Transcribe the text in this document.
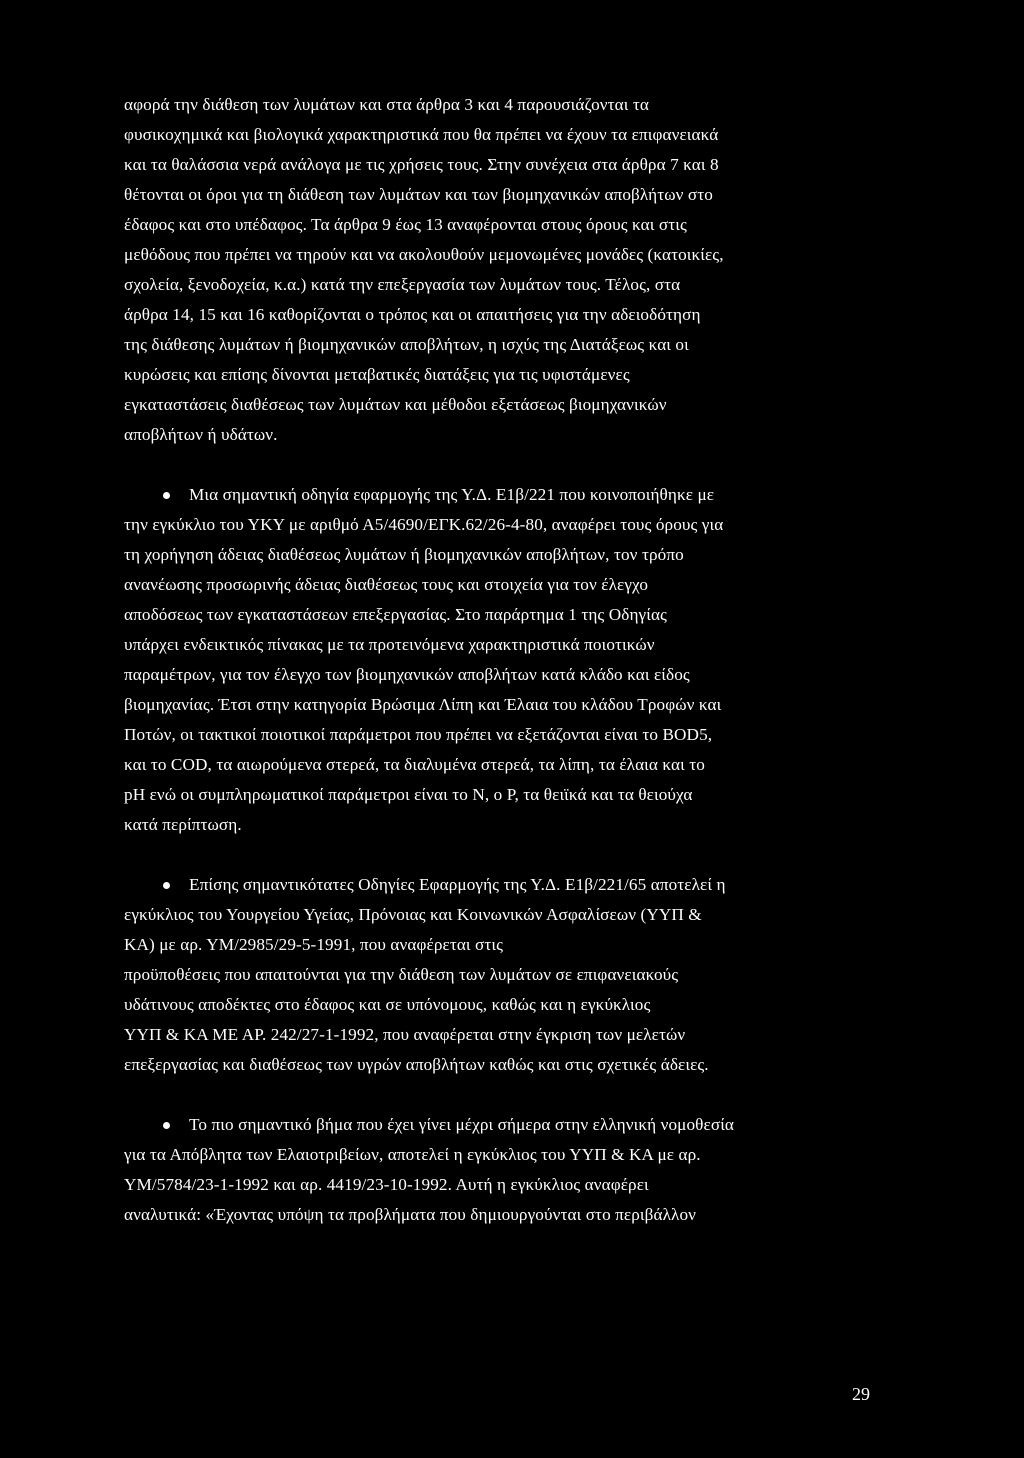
αφορά την διάθεση των λυμάτων και στα άρθρα 3 και 4 παρουσιάζονται τα
φυσικοχημικά και βιολογικά χαρακτηριστικά που θα πρέπει να έχουν τα επιφανειακά
και τα θαλάσσια νερά ανάλογα με τις χρήσεις τους. Στην συνέχεια στα άρθρα 7 και 8
θέτονται οι όροι για τη διάθεση των λυμάτων και των βιομηχανικών αποβλήτων στο
έδαφος και στο υπέδαφος. Τα άρθρα 9 έως 13 αναφέρονται στους όρους και στις
μεθόδους που πρέπει να τηρούν και να ακολουθούν μεμονωμένες μονάδες (κατοικίες,
σχολεία, ξενοδοχεία, κ.α.) κατά την επεξεργασία των λυμάτων τους. Τέλος, στα
άρθρα 14, 15 και 16 καθορίζονται ο τρόπος και οι απαιτήσεις για την αδειοδότηση
της διάθεσης λυμάτων ή βιομηχανικών αποβλήτων, η ισχύς της Διατάξεως και οι
κυρώσεις και επίσης δίνονται μεταβατικές διατάξεις για τις υφιστάμενες
εγκαταστάσεις διαθέσεως των λυμάτων και μέθοδοι εξετάσεως βιομηχανικών
αποβλήτων ή υδάτων.
Μια σημαντική οδηγία εφαρμογής της Υ.Δ. Ε1β/221 που κοινοποιήθηκε με
την εγκύκλιο του ΥΚΥ με αριθμό Α5/4690/ΕΓΚ.62/26-4-80, αναφέρει τους όρους για
τη χορήγηση άδειας διαθέσεως λυμάτων ή βιομηχανικών αποβλήτων, τον τρόπο
ανανέωσης προσωρινής άδειας διαθέσεως τους και στοιχεία για τον έλεγχο
αποδόσεως των εγκαταστάσεων επεξεργασίας. Στο παράρτημα 1 της Οδηγίας
υπάρχει ενδεικτικός πίνακας με τα προτεινόμενα χαρακτηριστικά ποιοτικών
παραμέτρων, για τον έλεγχο των βιομηχανικών αποβλήτων κατά κλάδο και είδος
βιομηχανίας. Έτσι στην κατηγορία Βρώσιμα Λίπη και Έλαια του κλάδου Τροφών και
Ποτών, οι τακτικοί ποιοτικοί παράμετροι που πρέπει να εξετάζονται είναι το BOD5,
και το COD, τα αιωρούμενα στερεά, τα διαλυμένα στερεά, τα λίπη, τα έλαια και το
pH ενώ οι συμπληρωματικοί παράμετροι είναι το Ν, ο Ρ, τα θειϊκά και τα θειούχα
κατά περίπτωση.
Επίσης σημαντικότατες Οδηγίες Εφαρμογής της Υ.Δ. Ε1β/221/65 αποτελεί η
εγκύκλιος του Υουργείου Υγείας, Πρόνοιας και Κοινωνικών Ασφαλίσεων (ΥΥΠ &
ΚΑ) με αρ. ΥΜ/2985/29-5-1991, που αναφέρεται στις
προϋποθέσεις που απαιτούνται για την διάθεση των λυμάτων σε επιφανειακούς
υδάτινους αποδέκτες στο έδαφος και σε υπόνομους, καθώς και η εγκύκλιος
ΥΥΠ & ΚΑ ΜΕ ΑΡ. 242/27-1-1992, που αναφέρεται στην έγκριση των μελετών
επεξεργασίας και διαθέσεως των υγρών αποβλήτων καθώς και στις σχετικές άδειες.
Το πιο σημαντικό βήμα που έχει γίνει μέχρι σήμερα στην ελληνική νομοθεσία
για τα Απόβλητα των Ελαιοτριβείων, αποτελεί η εγκύκλιος του ΥΥΠ & ΚΑ με αρ.
ΥΜ/5784/23-1-1992 και αρ. 4419/23-10-1992. Αυτή η εγκύκλιος αναφέρει
αναλυτικά: «Έχοντας υπόψη τα προβλήματα που δημιουργούνται στο περιβάλλον
29
